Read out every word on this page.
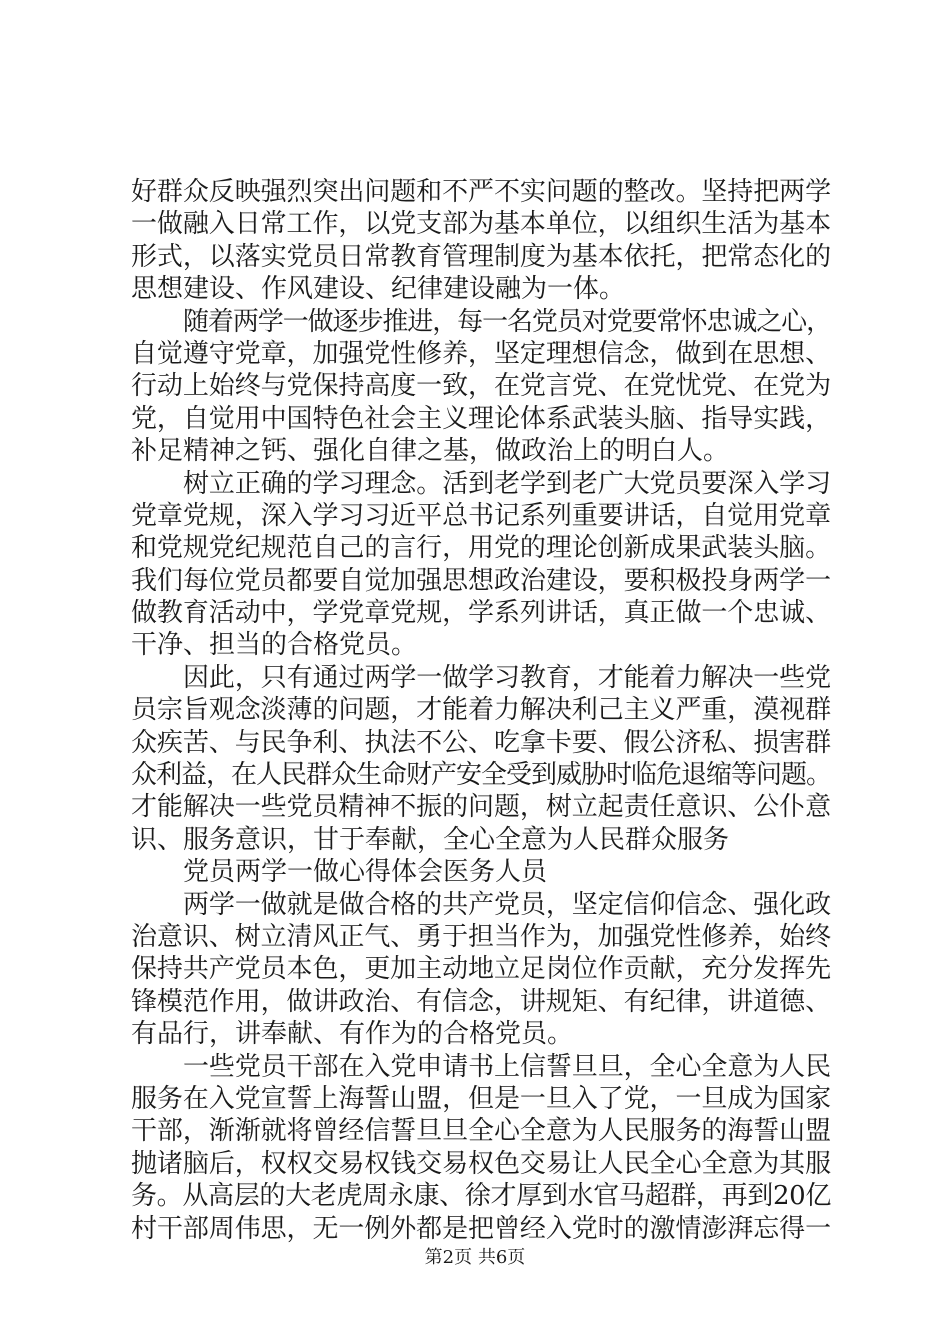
好群众反映强烈突出问题和不严不实问题的整改。坚持把两学
一做融入日常工作，以党支部为基本单位，以组织生活为基本
形式，以落实党员日常教育管理制度为基本依托，把常态化的
思想建设、作风建设、纪律建设融为一体。
随着两学一做逐步推进，每一名党员对党要常怀忠诚之心，
自觉遵守党章，加强党性修养，坚定理想信念，做到在思想、
行动上始终与党保持高度一致，在党言党、在党忧党、在党为
党，自觉用中国特色社会主义理论体系武装头脑、指导实践，
补足精神之钙、强化自律之基，做政治上的明白人。
树立正确的学习理念。活到老学到老广大党员要深入学习
党章党规，深入学习习近平总书记系列重要讲话，自觉用党章
和党规党纪规范自己的言行，用党的理论创新成果武装头脑。
我们每位党员都要自觉加强思想政治建设，要积极投身两学一
做教育活动中，学党章党规，学系列讲话，真正做一个忠诚、
干净、担当的合格党员。
因此，只有通过两学一做学习教育，才能着力解决一些党
员宗旨观念淡薄的问题，才能着力解决利己主义严重，漠视群
众疾苦、与民争利、执法不公、吃拿卡要、假公济私、损害群
众利益，在人民群众生命财产安全受到威胁时临危退缩等问题。
才能解决一些党员精神不振的问题，树立起责任意识、公仆意
识、服务意识，甘于奉献，全心全意为人民群众服务
党员两学一做心得体会医务人员
两学一做就是做合格的共产党员，坚定信仰信念、强化政
治意识、树立清风正气、勇于担当作为，加强党性修养，始终
保持共产党员本色，更加主动地立足岗位作贡献，充分发挥先
锋模范作用，做讲政治、有信念，讲规矩、有纪律，讲道德、
有品行，讲奉献、有作为的合格党员。
一些党员干部在入党申请书上信誓旦旦，全心全意为人民
服务在入党宣誓上海誓山盟，但是一旦入了党，一旦成为国家
干部，渐渐就将曾经信誓旦旦全心全意为人民服务的海誓山盟
抛诸脑后，权权交易权钱交易权色交易让人民全心全意为其服
务。从高层的大老虎周永康、徐才厚到水官马超群，再到20亿
村干部周伟思，无一例外都是把曾经入党时的激情澎湃忘得一
第2页 共6页
